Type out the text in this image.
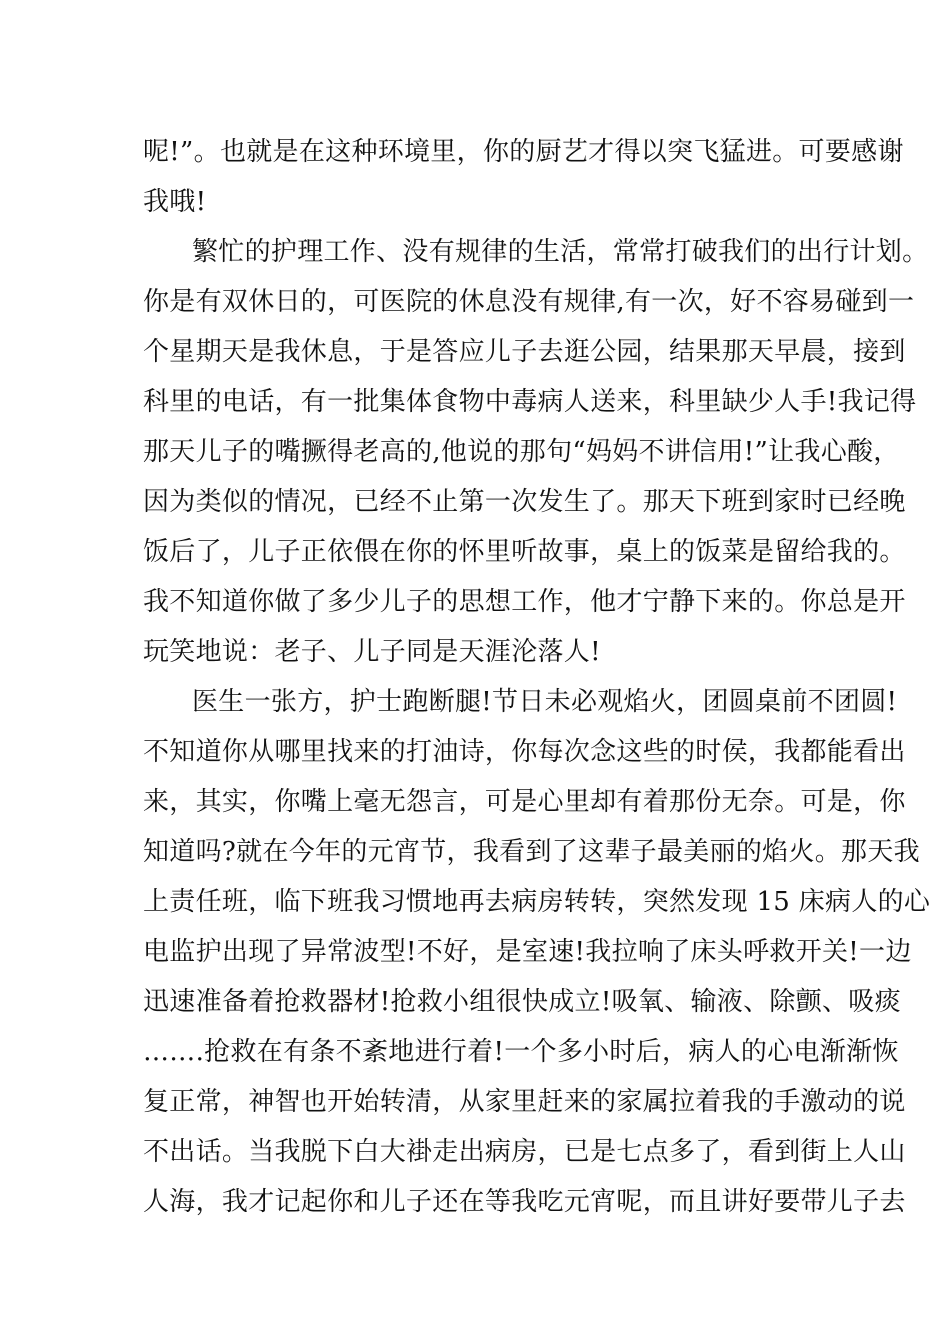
呢!”。也就是在这种环境里，你的厨艺才得以突飞猛进。可要感谢
我哦!
繁忙的护理工作、没有规律的生活，常常打破我们的出行计划。
你是有双休日的，可医院的休息没有规律,有一次，好不容易碰到一
个星期天是我休息，于是答应儿子去逛公园，结果那天早晨，接到
科里的电话，有一批集体食物中毒病人送来，科里缺少人手!我记得
那天儿子的嘴撅得老高的,他说的那句“妈妈不讲信用!”让我心酸，
因为类似的情况，已经不止第一次发生了。那天下班到家时已经晚
饭后了，儿子正依偎在你的怀里听故事，桌上的饭菜是留给我的。
我不知道你做了多少儿子的思想工作，他才宁静下来的。你总是开
玩笑地说：老子、儿子同是天涯沦落人!
医生一张方，护士跑断腿!节日未必观焰火，团圆桌前不团圆!
不知道你从哪里找来的打油诗，你每次念这些的时侯，我都能看出
来，其实，你嘴上毫无怨言，可是心里却有着那份无奈。可是，你
知道吗?就在今年的元宵节，我看到了这辈子最美丽的焰火。那天我
上责任班，临下班我习惯地再去病房转转，突然发现 15 床病人的心
电监护出现了异常波型!不好，是室速!我拉响了床头呼救开关!一边
迅速准备着抢救器材!抢救小组很快成立!吸氧、输液、除颤、吸痰
…….抢救在有条不紊地进行着!一个多小时后，病人的心电渐渐恢
复正常，神智也开始转清，从家里赶来的家属拉着我的手激动的说
不出话。当我脱下白大褂走出病房，已是七点多了，看到街上人山
人海，我才记起你和儿子还在等我吃元宵呢，而且讲好要带儿子去
